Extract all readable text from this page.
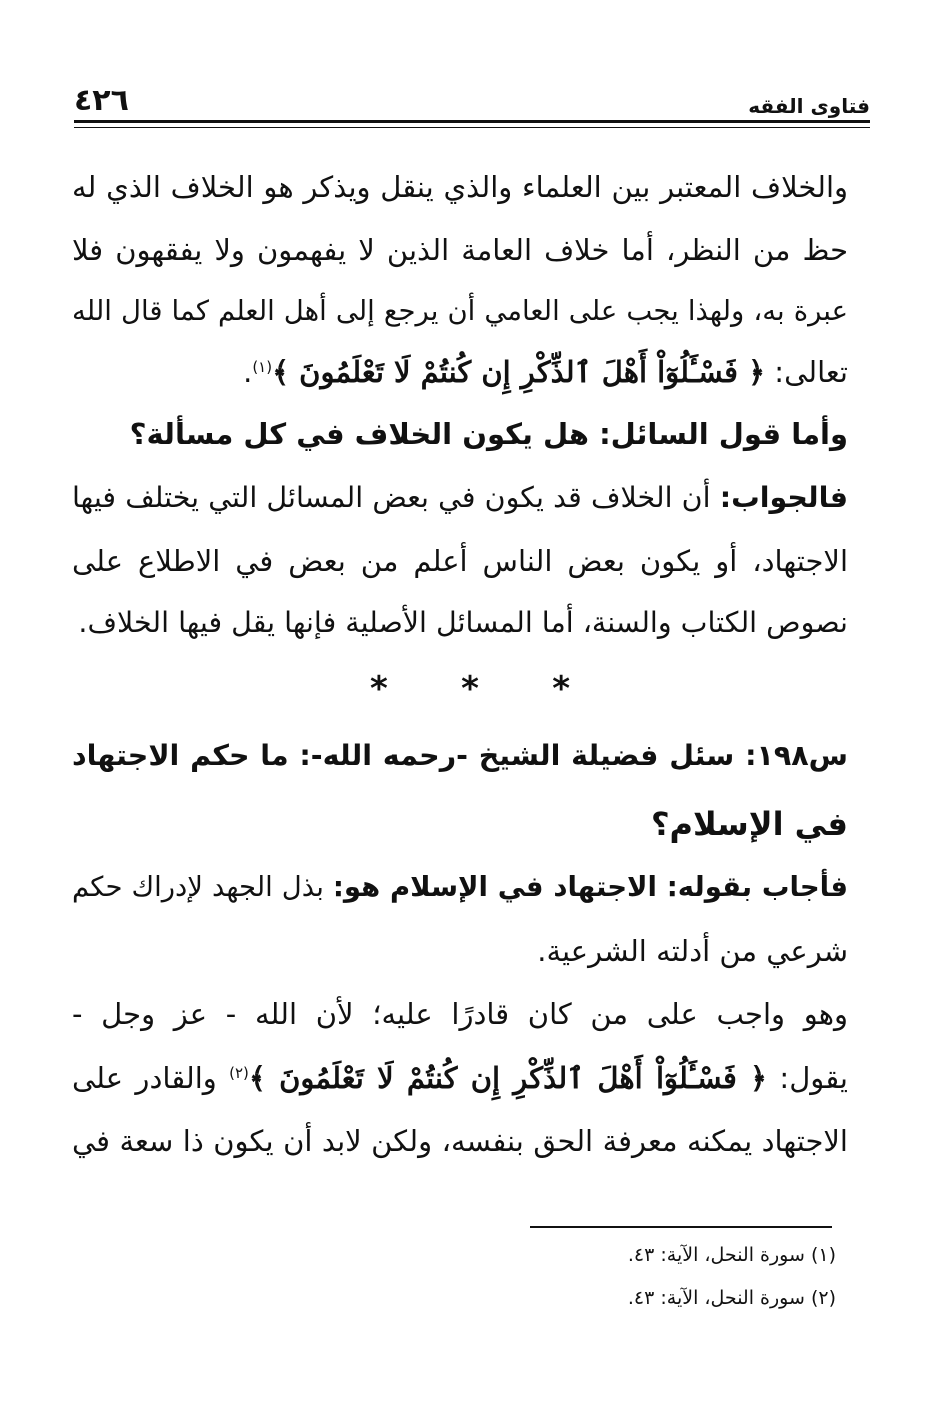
فتاوى الفقه
٤٢٦
والخلاف المعتبر بين العلماء والذي ينقل ويذكر هو الخلاف الذي له
حظ من النظر، أما خلاف العامة الذين لا يفهمون ولا يفقهون فلا
عبرة به، ولهذا يجب على العامي أن يرجع إلى أهل العلم كما قال الله
تعالى: ﴿ فَسْـَٔلُوٓاْ أَهْلَ ٱلذِّكْرِ إِن كُنتُمْ لَا تَعْلَمُونَ ﴾$^{(١)}$.
وأما قول السائل: هل يكون الخلاف في كل مسألة؟
فالجواب: أن الخلاف قد يكون في بعض المسائل التي يختلف فيها
الاجتهاد، أو يكون بعض الناس أعلم من بعض في الاطلاع على
نصوص الكتاب والسنة، أما المسائل الأصلية فإنها يقل فيها الخلاف.
* * *
س١٩٨: سئل فضيلة الشيخ -رحمه الله-: ما حكم الاجتهاد
في الإسلام؟
فأجاب بقوله: الاجتهاد في الإسلام هو: بذل الجهد لإدراك حكم
شرعي من أدلته الشرعية.
وهو واجب على من كان قادرًا عليه؛ لأن الله - عز وجل -
يقول: ﴿ فَسْـَٔلُوٓاْ أَهْلَ ٱلذِّكْرِ إِن كُنتُمْ لَا تَعْلَمُونَ ﴾$^{(٢)}$ والقادر على
الاجتهاد يمكنه معرفة الحق بنفسه، ولكن لابد أن يكون ذا سعة في
(١) سورة النحل، الآية: ٤٣.
(٢) سورة النحل، الآية: ٤٣.
